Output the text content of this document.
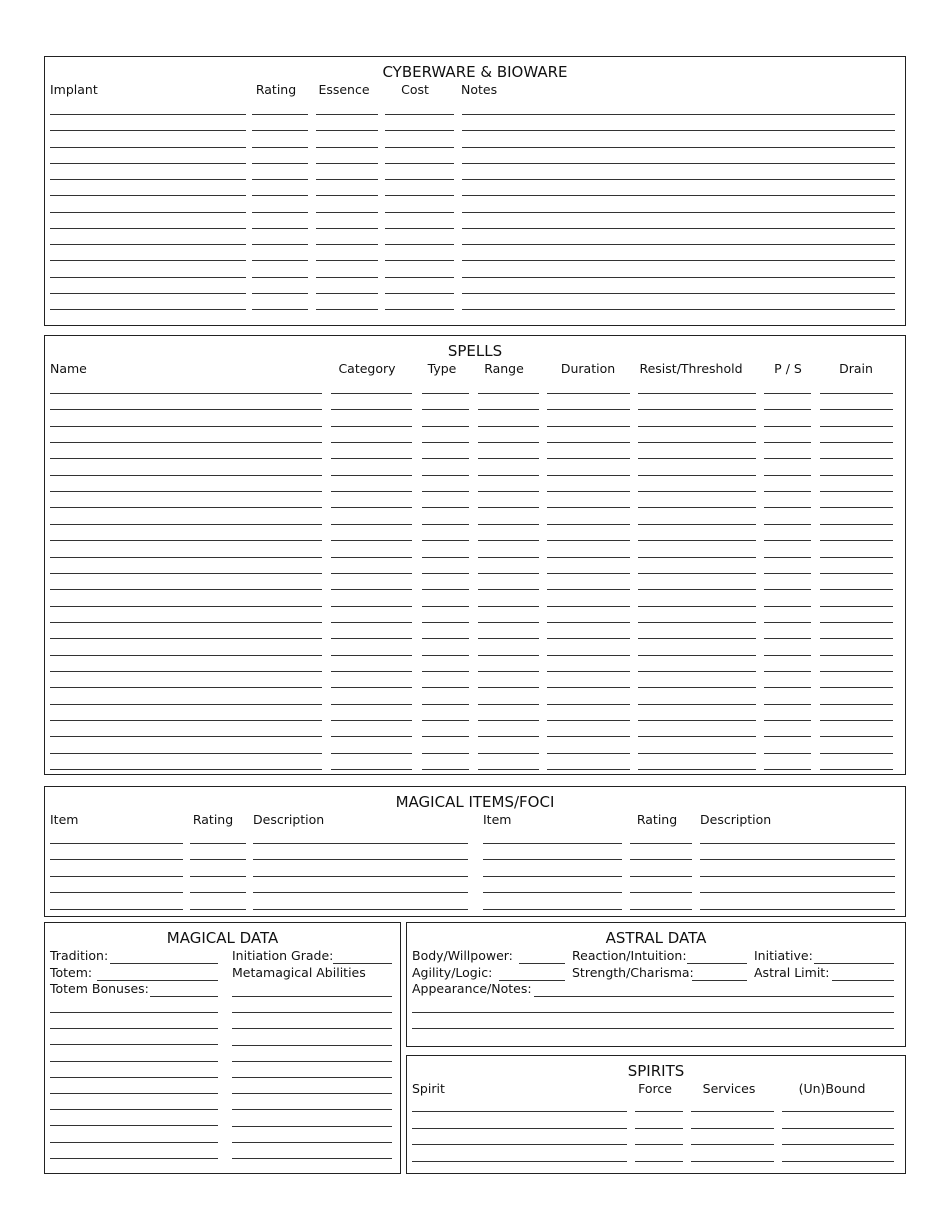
CYBERWARE & BIOWARE
Implant	Rating Essence	Cost	Notes
SPELLS
Name	Category	Type Range	Duration Resist/Threshold	P / S	Drain
MAGICAL ITEMS/FOCI
Item	Rating Description	Item	Rating Description
MAGICAL DATA
Tradition:	Initiation Grade:
Totem:	Metamagical Abilities
Totem Bonuses:
ASTRAL DATA
Body/Willpower:	Reaction/Intuition:	Initiative:
Agility/Logic:	Strength/Charisma:	Astral Limit:
Appearance/Notes:
SPIRITS
Spirit	Force Services	(Un)Bound
